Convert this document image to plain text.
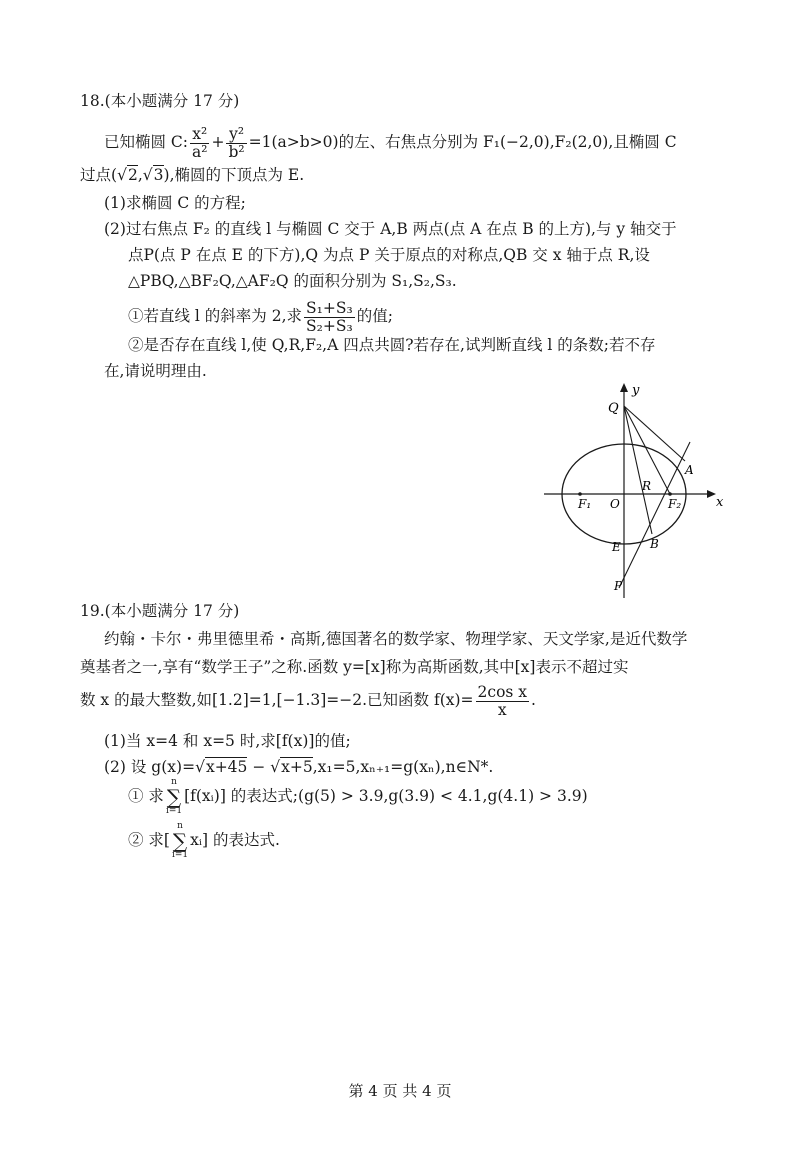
18.(本小题满分 17 分)
已知椭圆 C: $\frac{\text{x²}}{\text{a²}} + \frac{\text{y²}}{\text{b²}} =1(a>b>0)$的左、右焦点分别为 F₁(−2,0),F₂(2,0),且椭圆 C
过点(√2,√3),椭圆的下顶点为 E.
(1)求椭圆 C 的方程;
(2)过右焦点 F₂ 的直线 l 与椭圆 C 交于 A,B 两点(点 A 在点 B 的上方),与 y 轴交于
点P(点 P 在点 E 的下方),Q 为点 P 关于原点的对称点,QB 交 x 轴于点 R,设
△PBQ,△BF₂Q,△AF₂Q 的面积分别为 S₁,S₂,S₃.
①若直线 l 的斜率为 2,求 $\frac{\text{S₁+S₃}}{\text{S₂+S₃}}$ 的值;
②是否存在直线 l,使 Q,R,F₂,A 四点共圆?若存在,试判断直线 l 的条数;若不存
在,请说明理由.
y
x
Q
A
R
F₁ O	F₂
E B
P
19.(本小题满分 17 分)
约翰・卡尔・弗里德里希・高斯,德国著名的数学家、物理学家、天文学家,是近代数学
奠基者之一,享有“数学王子”之称.函数 y=[x]称为高斯函数,其中[x]表示不超过实
数 x 的最大整数,如[1.2]=1,[−1.3]=−2.已知函数 $f(x)= \frac{\text{2cos x}}{x}$ .
(1)当 x=4 和 x=5 时,求[f(x)]的值;
(2) 设 g(x)=√x+45 − √x+5,x₁=5,xₙ₊₁=g(xₙ),n∈N*.
① 求
n
∑
i=1
[f(xᵢ)] 的表达式;(g(5) > 3.9,g(3.9) < 4.1,g(4.1) > 3.9)
② 求[
n
∑
i=1
xᵢ] 的表达式.
第 4 页 共 4 页
